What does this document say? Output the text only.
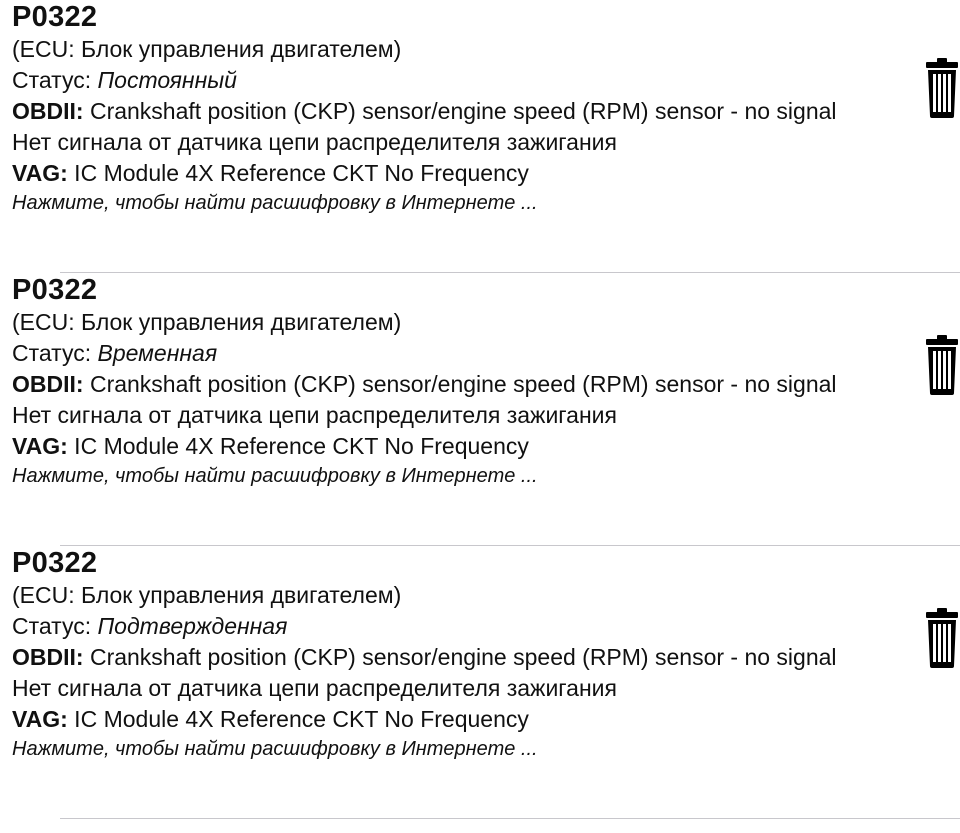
P0322
(ECU: Блок управления двигателем)
Статус: Постоянный
OBDII: Crankshaft position (CKP) sensor/engine speed (RPM) sensor - no signal
Нет сигнала от датчика цепи распределителя зажигания
VAG: IC Module 4X Reference CKT No Frequency
Нажмите, чтобы найти расшифровку в Интернете ...
P0322
(ECU: Блок управления двигателем)
Статус: Временная
OBDII: Crankshaft position (CKP) sensor/engine speed (RPM) sensor - no signal
Нет сигнала от датчика цепи распределителя зажигания
VAG: IC Module 4X Reference CKT No Frequency
Нажмите, чтобы найти расшифровку в Интернете ...
P0322
(ECU: Блок управления двигателем)
Статус: Подтвержденная
OBDII: Crankshaft position (CKP) sensor/engine speed (RPM) sensor - no signal
Нет сигнала от датчика цепи распределителя зажигания
VAG: IC Module 4X Reference CKT No Frequency
Нажмите, чтобы найти расшифровку в Интернете ...
